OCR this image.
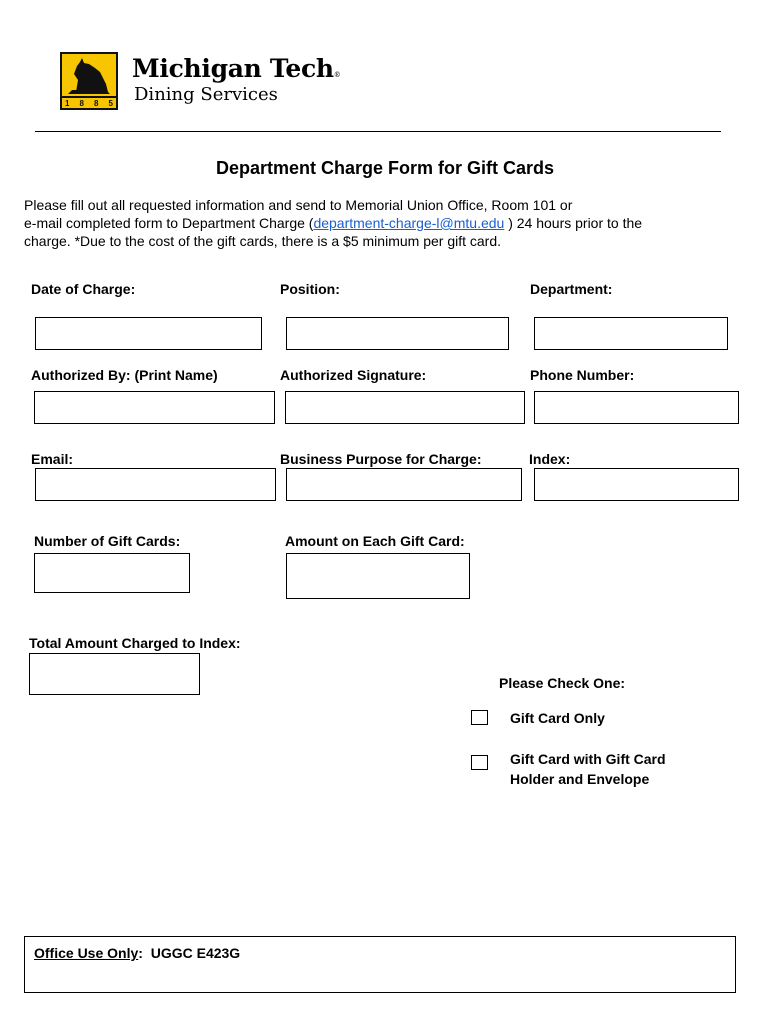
1 8 8 5
Michigan Tech®
Dining Services
Department Charge Form for Gift Cards

Please fill out all requested information and send to Memorial Union Office, Room 101 or

e-mail completed form to Department Charge (department-charge-l@mtu.edu ) 24 hours prior to the

charge. *Due to the cost of the gift cards, there is a $5 minimum per gift card.

Date of Charge:	Position:	Department:
Authorized By: (Print Name)	Authorized Signature:	Phone Number:
Email:	Business Purpose for Charge:	Index:
Number of Gift Cards:	Amount on Each Gift Card:
Total Amount Charged to Index:
Please Check One:
Gift Card Only
Gift Card with Gift Card
Holder and Envelope
Office Use Only: UGGC E423G
